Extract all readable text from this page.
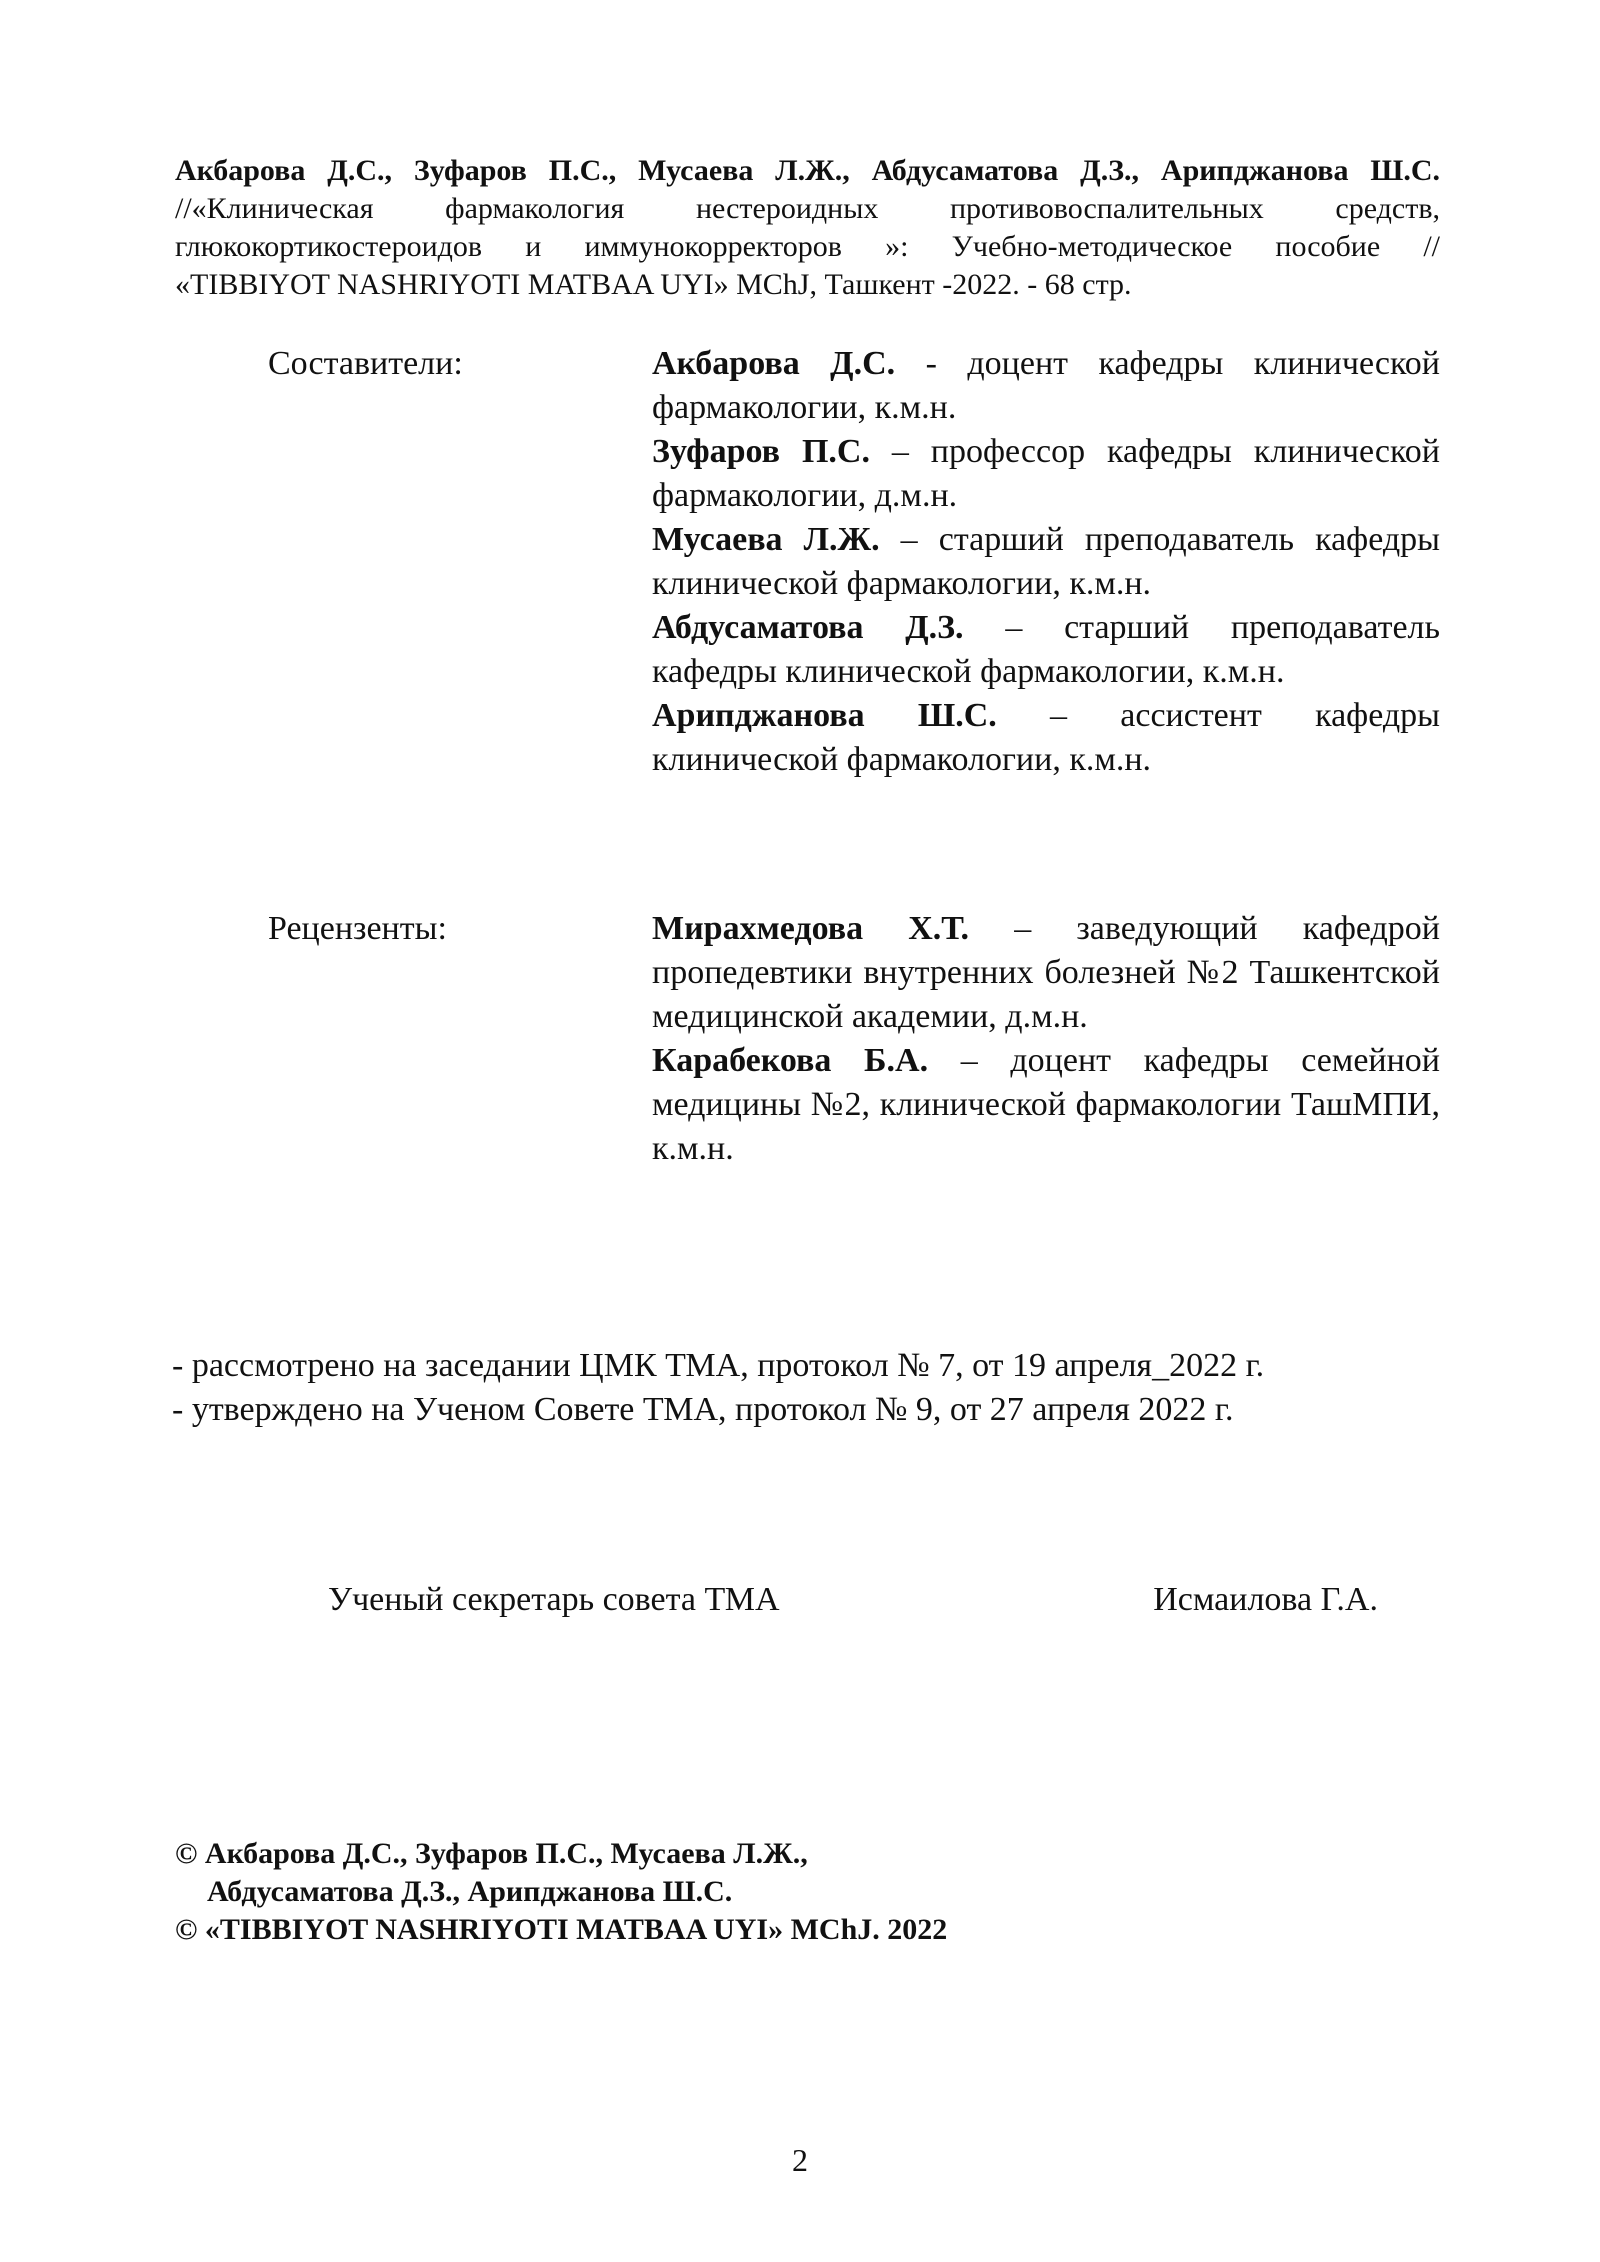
Акбарова Д.С., Зуфаров П.С., Мусаева Л.Ж., Абдусаматова Д.З., Арипджанова Ш.С.
//«Клиническая фармакология нестероидных противовоспалительных средств,
глюкокортикостероидов и иммунокорректоров »: Учебно-методическое пособие //
«TIBBIYOT NASHRIYOTI MATBAA UYI» MChJ, Ташкент -2022. - 68 стр.
Составители:	Акбарова Д.С. - доцент кафедры клинической фармакологии, к.м.н.
Зуфаров П.С. – профессор кафедры клинической фармакологии, д.м.н.
Мусаева Л.Ж. – старший преподаватель кафедры клинической фармакологии, к.м.н.
Абдусаматова Д.З. – старший преподаватель кафедры клинической фармакологии, к.м.н.
Арипджанова Ш.С. – ассистент кафедры клинической фармакологии, к.м.н.
Рецензенты:	Мирахмедова Х.Т. – заведующий кафедрой пропедевтики внутренних болезней №2 Ташкентской медицинской академии, д.м.н.
Карабекова Б.А. – доцент кафедры семейной медицины №2, клинической фармакологии ТашМПИ, к.м.н.
- рассмотрено на заседании ЦМК ТМА, протокол № 7, от 19 апреля_2022 г.
- утверждено на Ученом Совете ТМА, протокол № 9, от 27 апреля 2022 г.
Ученый секретарь совета ТМА	Исмаилова Г.А.
© Акбарова Д.С., Зуфаров П.С., Мусаева Л.Ж.,
Абдусаматова Д.З., Арипджанова Ш.С.
© «TIBBIYOT NASHRIYOTI MATBAA UYI» MChJ. 2022
2
